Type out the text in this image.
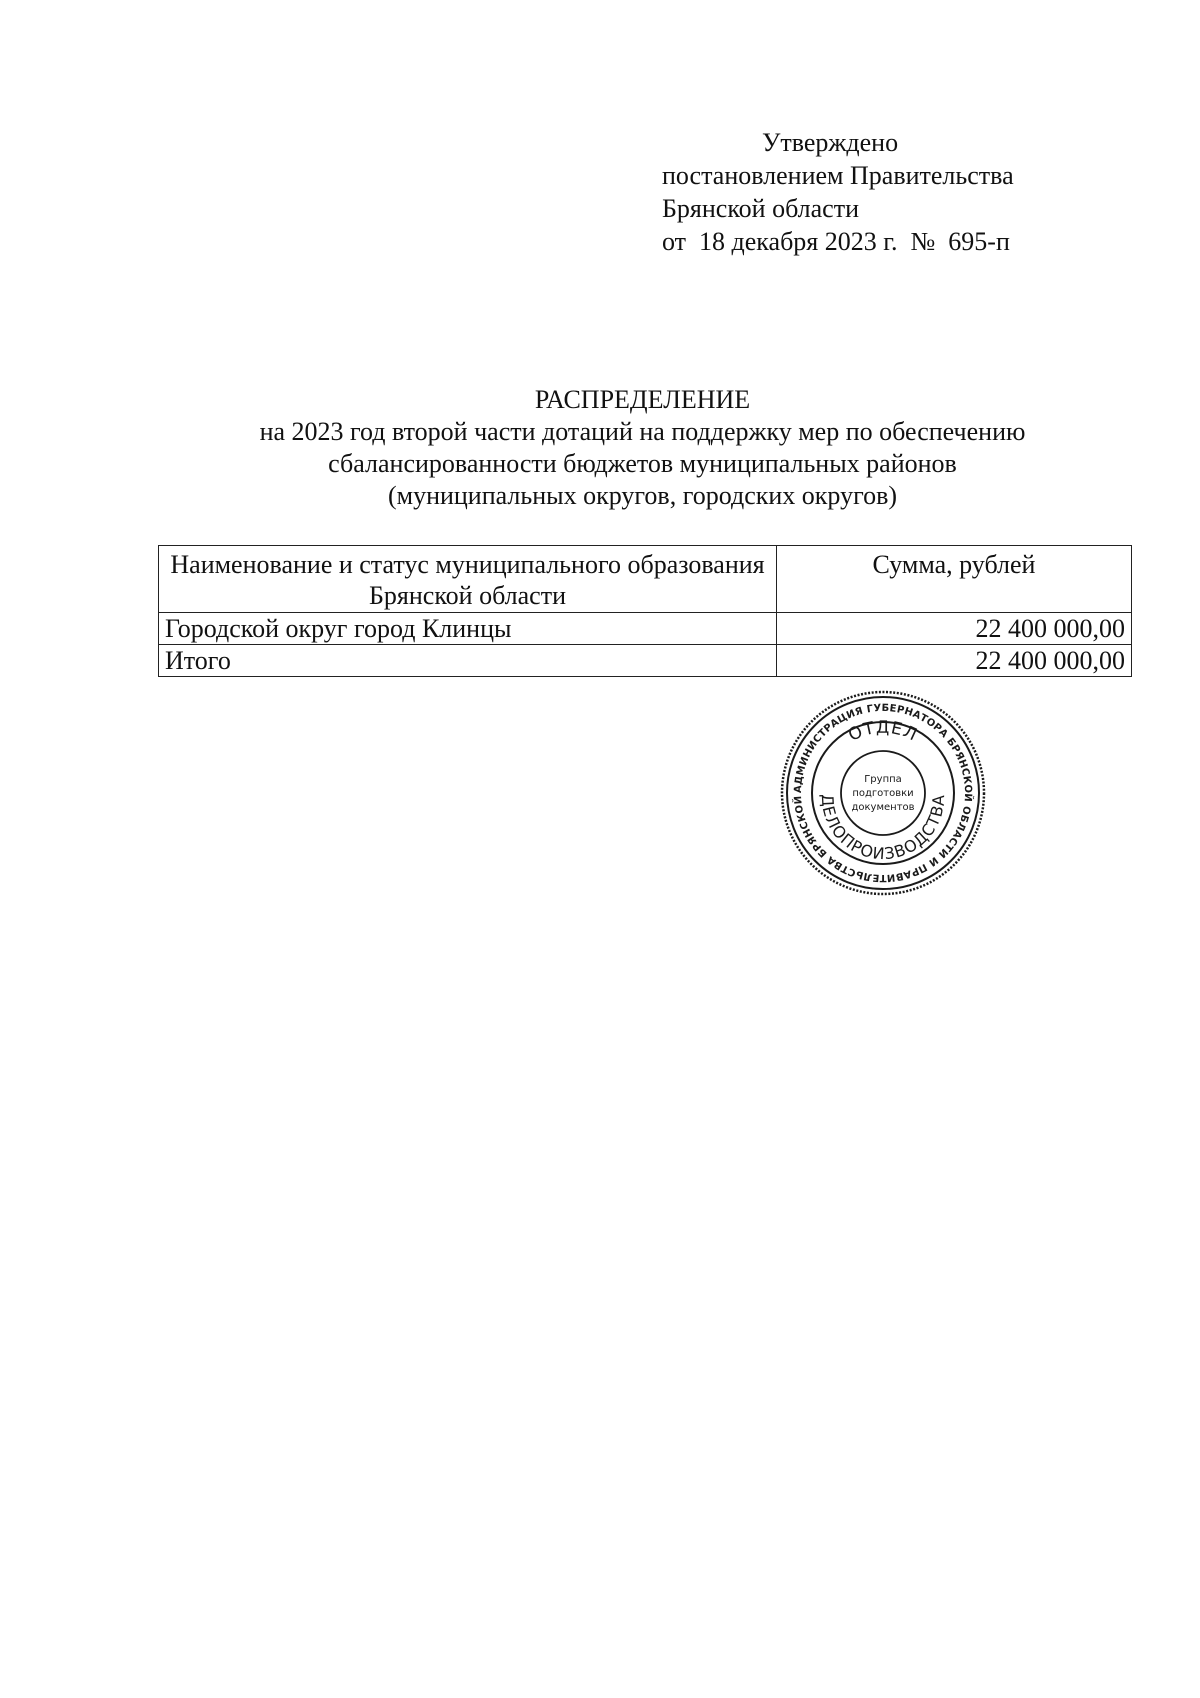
Утверждено
постановлением Правительства
Брянской области
от  18 декабря 2023 г.  №  695-п
РАСПРЕДЕЛЕНИЕ
на 2023 год второй части дотаций на поддержку мер по обеспечению
сбалансированности бюджетов муниципальных районов
(муниципальных округов, городских округов)
Наименование и статус муниципального образования Брянской области	Сумма, рублей
Городской округ город Клинцы	22 400 000,00
Итого	22 400 000,00
АДМИНИСТРАЦИЯ ГУБЕРНАТОРА БРЯНСКОЙ ОБЛАСТИ И ПРАВИТЕЛЬСТВА БРЯНСКОЙ
ОТДЕЛ
ДЕЛОПРОИЗВОДСТВА
Группа
подготовки
документов
